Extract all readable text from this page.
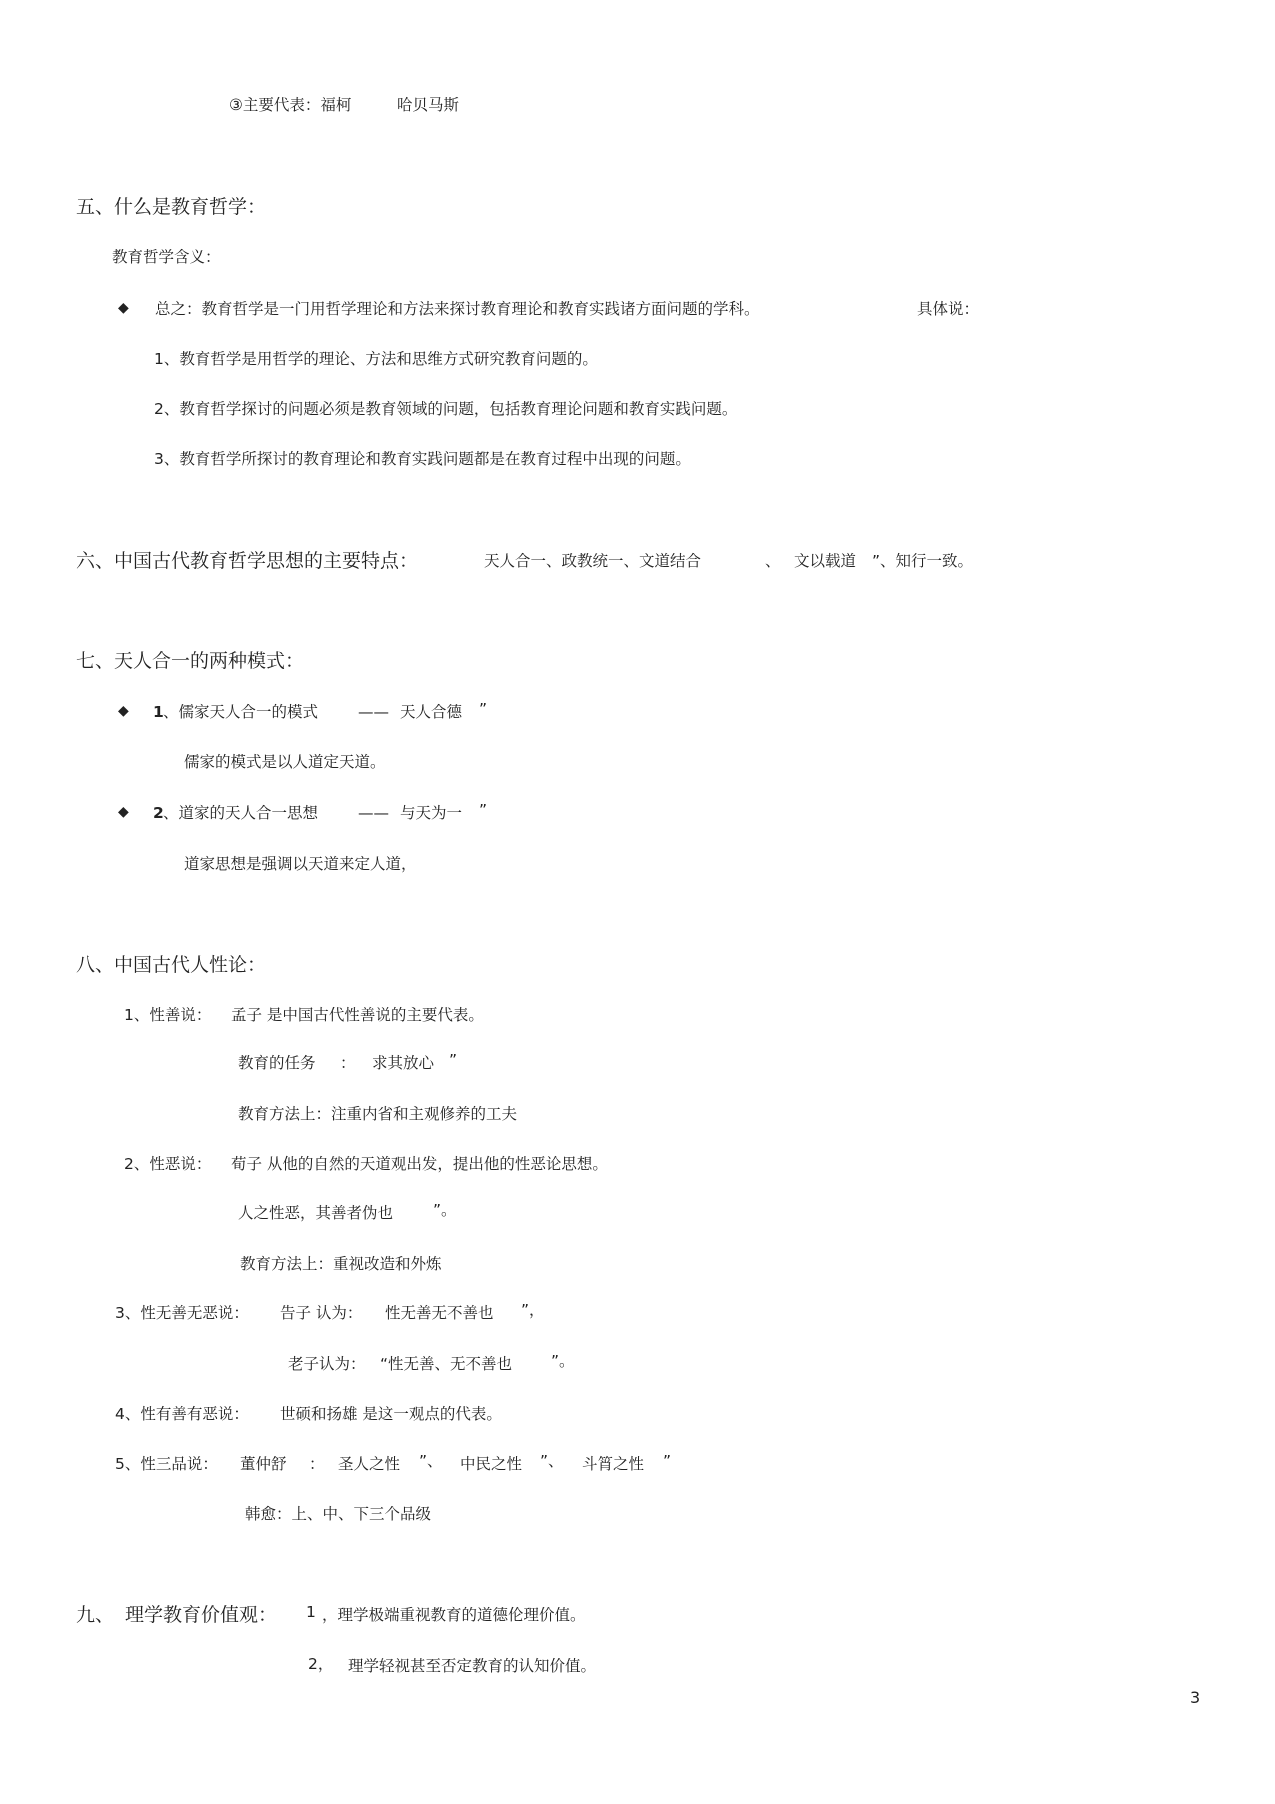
③主要代表：福柯	哈贝马斯
五、什么是教育哲学：
教育哲学含义：
◆ 总之：教育哲学是一门用哲学理论和方法来探讨教育理论和教育实践诸方面问题的学科。	具体说：
1、教育哲学是用哲学的理论、方法和思维方式研究教育问题的。
2、教育哲学探讨的问题必须是教育领域的问题，包括教育理论问题和教育实践问题。
3、教育哲学所探讨的教育理论和教育实践问题都是在教育过程中出现的问题。
六、中国古代教育哲学思想的主要特点：	天人合一、政教统一、文道结合	、 文以载道 ”、知行一致。
七、天人合一的两种模式：
◆ 1 、儒家天人合一的模式	—— 天人合德 ”
儒家的模式是以人道定天道。
◆ 2 、道家的天人合一思想	—— 与天为一 ”
道家思想是强调以天道来定人道，
八、中国古代人性论：
1、性善说： 孟子 是中国古代性善说的主要代表。
教育的任务 ： 求其放心 ”
教育方法上：注重内省和主观修养的工夫
2、性恶说： 荀子 从他的自然的天道观出发，提出他的性恶论思想。
人之性恶，其善者伪也	”。
教育方法上：重视改造和外炼
3、性无善无恶说： 告子 认为： 性无善无不善也 ”，
老子认为： “性无善、无不善也	”。
4、性有善有恶说： 世硕和扬雄 是这一观点的代表。
5、性三品说： 董仲舒 ： 圣人之性 ”、 中民之性 ”、 斗筲之性 ”
韩愈：上、中、下三个品级
九、 理学教育价值观： 1 ，理学极端重视教育的道德伦理价值。
2， 理学轻视甚至否定教育的认知价值。
3
